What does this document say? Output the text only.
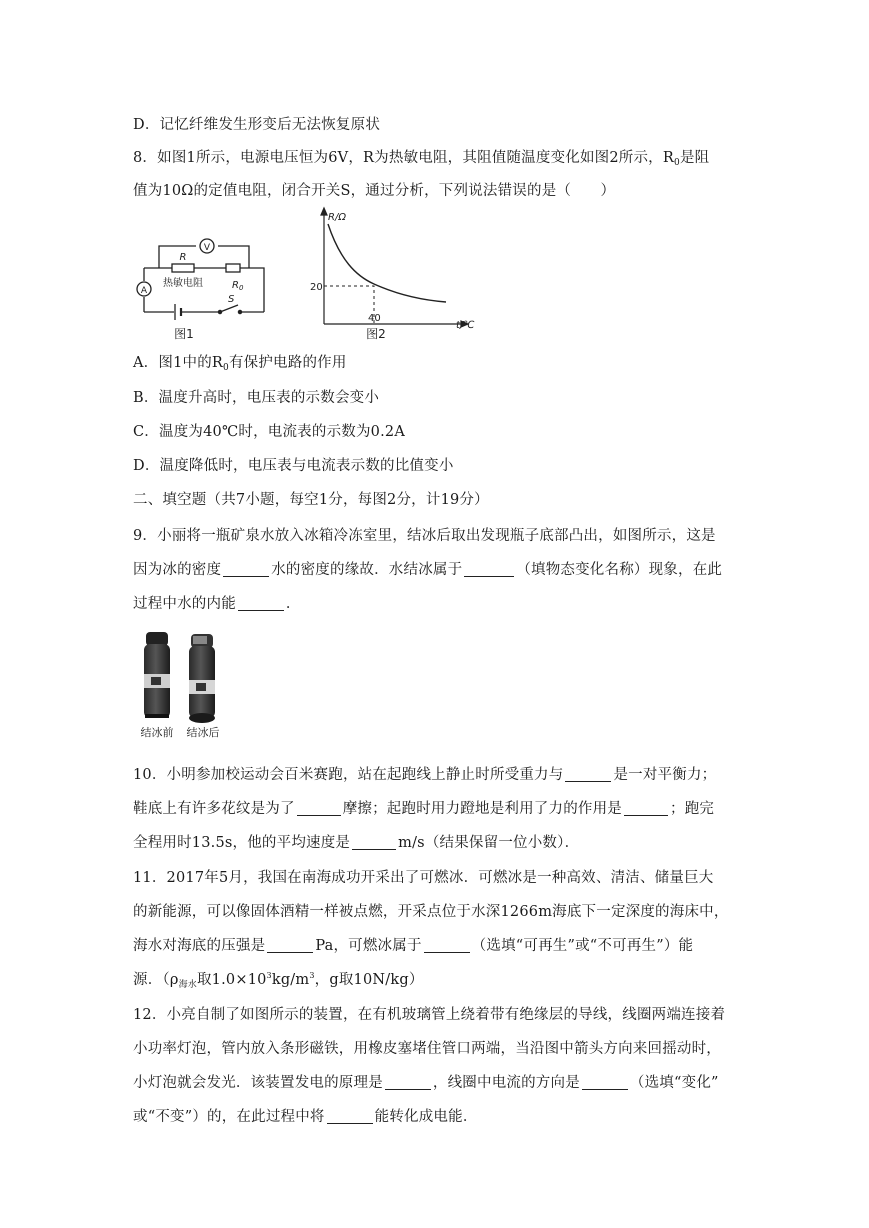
D．记忆纤维发生形变后无法恢复原状
8．如图1所示，电源电压恒为6V，R为热敏电阻，其阻值随温度变化如图2所示，$R_0$是阻
值为10Ω的定值电阻，闭合开关S，通过分析，下列说法错误的是（　　）
V
R
热敏电阻	$R_0$
A
S
图1
R/Ω
20
40
t/℃
图2
A．图1中的$R_0$有保护电路的作用
B．温度升高时，电压表的示数会变小
C．温度为40℃时，电流表的示数为0.2A
D．温度降低时，电压表与电流表示数的比值变小
二、填空题（共7小题，每空1分，每图2分，计19分）
9．小丽将一瓶矿泉水放入冰箱冷冻室里，结冰后取出发现瓶子底部凸出，如图所示，这是
因为冰的密度	水的密度的缘故．水结冰属于	（填物态变化名称）现象，在此
过程中水的内能	．
结冰前 结冰后
10．小明参加校运动会百米赛跑，站在起跑线上静止时所受重力与	是一对平衡力；
鞋底上有许多花纹是为了	摩擦；起跑时用力蹬地是利用了力的作用是	；跑完
全程用时13.5s，他的平均速度是	m/s（结果保留一位小数）．
11．2017年5月，我国在南海成功开采出了可燃冰．可燃冰是一种高效、清洁、储量巨大
的新能源，可以像固体酒精一样被点燃，开采点位于水深1266m海底下一定深度的海床中，
海水对海底的压强是	Pa，可燃冰属于	（选填“可再生”或“不可再生”）能
源．（$\rho_{海水}$取$1.0\times 10^3kg/m^3$，g取10N/kg）
12．小亮自制了如图所示的装置，在有机玻璃管上绕着带有绝缘层的导线，线圈两端连接着
小功率灯泡，管内放入条形磁铁，用橡皮塞堵住管口两端，当沿图中箭头方向来回摇动时，
小灯泡就会发光．该装置发电的原理是	，线圈中电流的方向是	（选填“变化”
或“不变”）的，在此过程中将	能转化成电能．
